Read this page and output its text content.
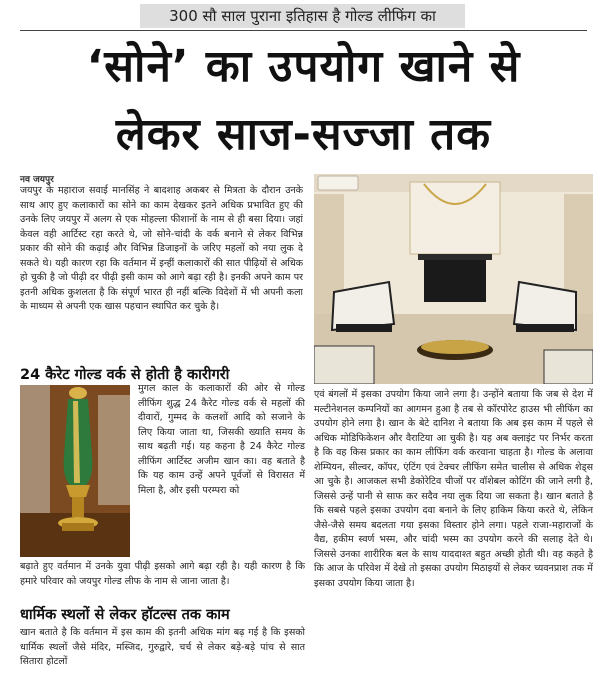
300 सौ साल पुराना इतिहास है गोल्ड लीफिंग का
‘सोने’ का उपयोग खाने से
लेकर साज-सज्जा तक
नव जयपुर
जयपुर के महाराज सवाई मानसिंह ने बादशाह अकबर से मित्रता के दौरान उनके साथ आए हुए कलाकारों का सोने का काम देखकर इतने अधिक प्रभावित हुए की उनके लिए जयपुर में अलग से एक मोहल्ला फीशानों के नाम से ही बसा दिया। जहां केवल वही आर्टिस्ट रहा करते थे, जो सोने-चांदी के वर्क बनाने से लेकर विभिन्न प्रकार की सोने की कढ़ाई और विभिन्न डिजाइनों के जरिए महलों को नया लुक दे सकते थे। यही कारण रहा कि वर्तमान में इन्हीं कलाकारों की सात पीढ़ियों से अधिक हो चुकी है जो पीढ़ी दर पीढ़ी इसी काम को आगे बढ़ा रही है। इनकी अपने काम पर इतनी अधिक कुशलता है कि संपूर्ण भारत ही नहीं बल्कि विदेशों में भी अपनी कला के माध्यम से अपनी एक खास पहचान स्थापित कर चुके है।
24 कैरेट गोल्ड वर्क से होती है कारीगरी
मुगल काल के कलाकारों की ओर से गोल्ड लीफिंग शुद्ध 24 कैरेट गोल्ड वर्क से महलों की दीवारों, गुम्मद के कलशों आदि को सजाने के लिए किया जाता था, जिसकी ख्याति समय के साथ बढ़ती गई। यह कहना है 24 कैरेट गोल्ड लीफिंग आर्टिस्ट अजीम खान का। वह बताते है कि यह काम उन्हें अपने पूर्वजों से विरासत में मिला है, और इसी परम्परा को
बढ़ाते हुए वर्तमान में उनके युवा पीढ़ी इसको आगे बढ़ा रही है। यही कारण है कि हमारे परिवार को जयपुर गोल्ड लीफ के नाम से जाना जाता है।
धार्मिक स्थलों से लेकर हॉटल्स तक काम
खान बताते है कि वर्तमान में इस काम की इतनी अधिक मांग बढ़ गई है कि इसको धार्मिक स्थलों जैसे मंदिर, मस्जिद, गुरुद्वारे, चर्च से लेकर बड़े-बड़े पांच से सात सितारा होटलों
एवं बंगलों में इसका उपयोग किया जाने लगा है। उन्होंने बताया कि जब से देश में मल्टीनेशनल कम्पनियों का आगमन हुआ है तब से कॉरपोरेट हाउस भी लीफिंग का उपयोग होने लगा है। खान के बेटे दानिश ने बताया कि अब इस काम में पहले से अधिक मोडिफिकेशन और वैराटिया आ चुकी है। यह अब क्लाइंट पर निर्भर करता है कि वह किस प्रकार का काम लीफिंग वर्क करवाना चाहता है। गोल्ड के अलावा शेम्पियन, सील्वर, कॉपर, एंटिंग एवं टेक्चर लीफिंग समेत चालीस से अधिक शेड्स आ चुके है। आजकल सभी डेकोरेटिव चीजों पर वॉशेबल कोटिंग की जाने लगी है, जिससे उन्हें पानी से साफ कर सदैव नया लुक दिया जा सकता है। खान बताते है कि सबसे पहले इसका उपयोग दवा बनाने के लिए हाकिम किया करते थे, लेकिन जैसे-जैसे समय बदलता गया इसका विस्तार होने लगा। पहले राजा-महाराजों के वैद्य, हकीम स्वर्ण भस्म, और चांदी भस्म का उपयोग करने की सलाह देते थे। जिससे उनका शारीरिक बल के साथ याददाश्त बहुत अच्छी होती थी। वह कहते है कि आज के परिवेश में देखे तो इसका उपयोग मिठाइयों से लेकर च्यवनप्राश तक में इसका उपयोग किया जाता है।
